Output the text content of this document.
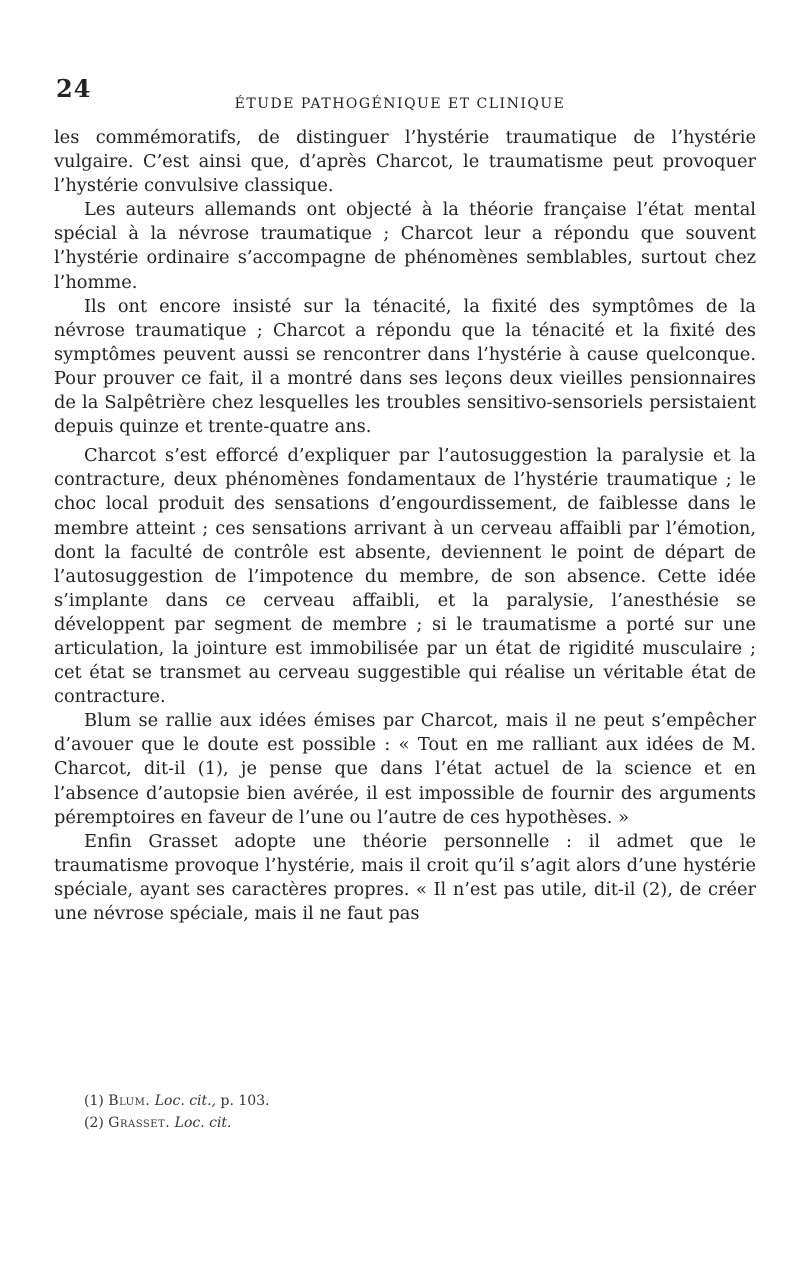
24
ÉTUDE PATHOGÉNIQUE ET CLINIQUE

les commémoratifs, de distinguer l’hystérie traumatique de l’hystérie vulgaire. C’est ainsi que, d’après Charcot, le traumatisme peut provoquer l’hystérie convulsive classique.

Les auteurs allemands ont objecté à la théorie française l’état mental spécial à la névrose traumatique ; Charcot leur a répondu que souvent l’hystérie ordinaire s’accompagne de phénomènes semblables, surtout chez l’homme.

Ils ont encore insisté sur la ténacité, la fixité des symptômes de la névrose traumatique ; Charcot a répondu que la ténacité et la fixité des symptômes peuvent aussi se rencontrer dans l’hystérie à cause quelconque. Pour prouver ce fait, il a montré dans ses leçons deux vieilles pensionnaires de la Salpêtrière chez lesquelles les troubles sensitivo-sensoriels persistaient depuis quinze et trente-quatre ans.

Charcot s’est efforcé d’expliquer par l’autosuggestion la paralysie et la contracture, deux phénomènes fondamentaux de l’hystérie traumatique ; le choc local produit des sensations d’engourdissement, de faiblesse dans le membre atteint ; ces sensations arrivant à un cerveau affaibli par l’émotion, dont la faculté de contrôle est absente, deviennent le point de départ de l’autosuggestion de l’impotence du membre, de son absence. Cette idée s’implante dans ce cerveau affaibli, et la paralysie, l’anesthésie se développent par segment de membre ; si le traumatisme a porté sur une articulation, la jointure est immobilisée par un état de rigidité musculaire ; cet état se transmet au cerveau suggestible qui réalise un véritable état de contracture.

Blum se rallie aux idées émises par Charcot, mais il ne peut s’empêcher d’avouer que le doute est possible : « Tout en me ralliant aux idées de M. Charcot, dit-il (1), je pense que dans l’état actuel de la science et en l’absence d’autopsie bien avérée, il est impossible de fournir des arguments péremptoires en faveur de l’une ou l’autre de ces hypothèses. »

Enfin Grasset adopte une théorie personnelle : il admet que le traumatisme provoque l’hystérie, mais il croit qu’il s’agit alors d’une hystérie spéciale, ayant ses caractères propres. « Il n’est pas utile, dit-il (2), de créer une névrose spéciale, mais il ne faut pas

(1) Blum. Loc. cit., p. 103.
(2) Grasset. Loc. cit.
